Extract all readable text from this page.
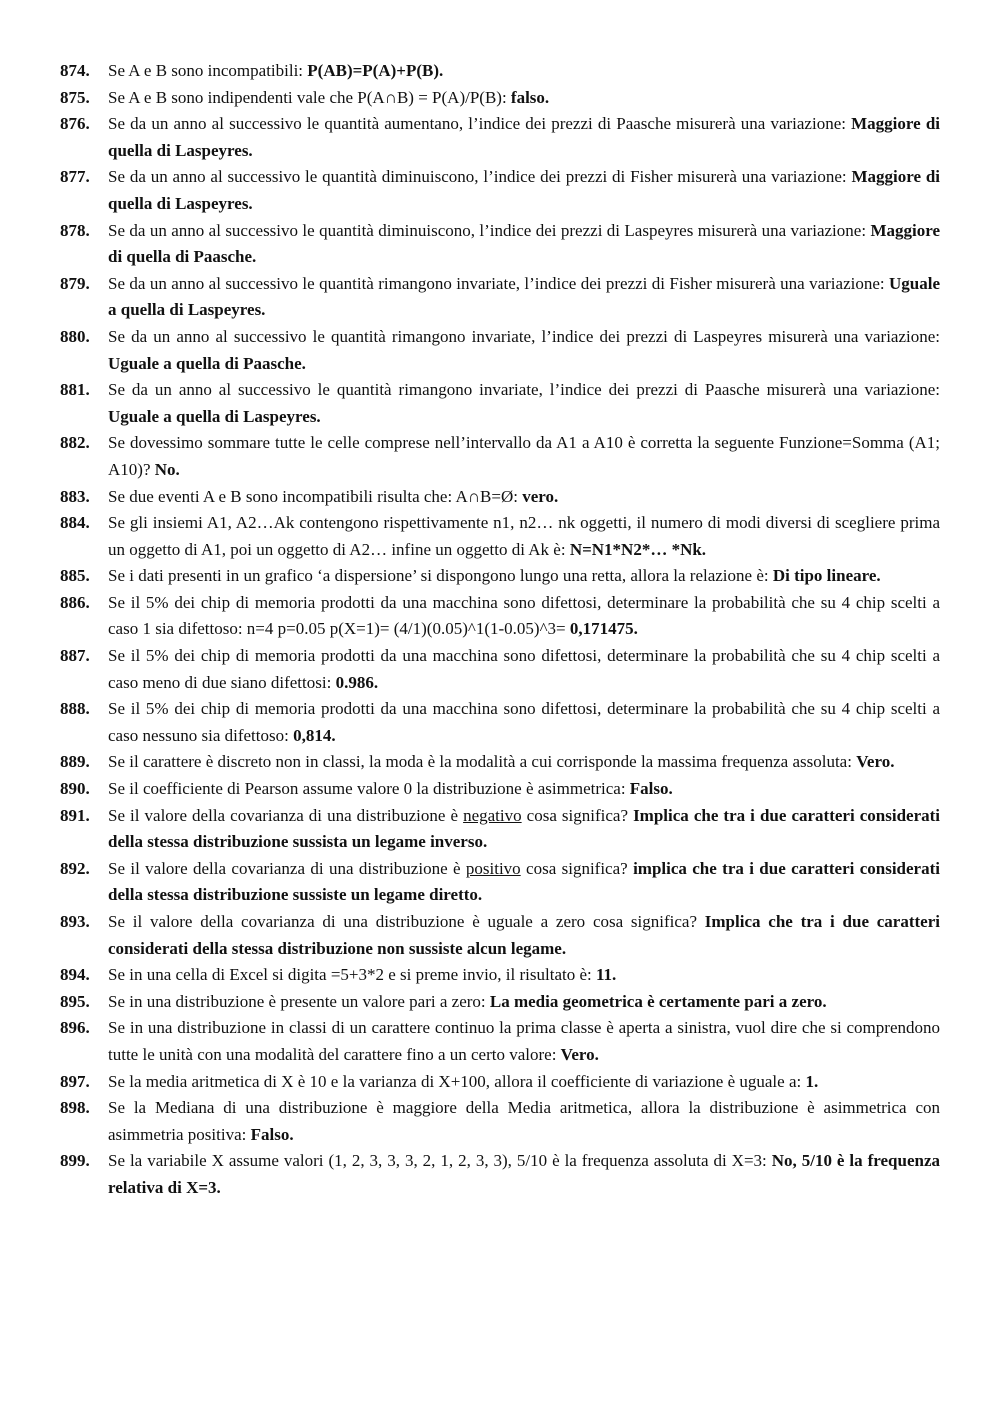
874.	Se A e B sono incompatibili: P(AB)=P(A)+P(B).
875.	Se A e B sono indipendenti vale che P(A∩B) = P(A)/P(B): falso.
876.	Se da un anno al successivo le quantità aumentano, l’indice dei prezzi di Paasche misurerà una variazione: Maggiore di quella di Laspeyres.
877.	Se da un anno al successivo le quantità diminuiscono, l’indice dei prezzi di Fisher misurerà una variazione: Maggiore di quella di Laspeyres.
878.	Se da un anno al successivo le quantità diminuiscono, l’indice dei prezzi di Laspeyres misurerà una variazione: Maggiore di quella di Paasche.
879.	Se da un anno al successivo le quantità rimangono invariate, l’indice dei prezzi di Fisher misurerà una variazione: Uguale a quella di Laspeyres.
880.	Se da un anno al successivo le quantità rimangono invariate, l’indice dei prezzi di Laspeyres misurerà una variazione: Uguale a quella di Paasche.
881.	Se da un anno al successivo le quantità rimangono invariate, l’indice dei prezzi di Paasche misurerà una variazione: Uguale a quella di Laspeyres.
882.	Se dovessimo sommare tutte le celle comprese nell’intervallo da A1 a A10 è corretta la seguente Funzione=Somma (A1; A10)? No.
883.	Se due eventi A e B sono incompatibili risulta che: A∩B=Ø: vero.
884.	Se gli insiemi A1, A2…Ak contengono rispettivamente n1, n2… nk oggetti, il numero di modi diversi di scegliere prima un oggetto di A1, poi un oggetto di A2… infine un oggetto di Ak è: N=N1*N2*… *Nk.
885.	Se i dati presenti in un grafico ‘a dispersione’ si dispongono lungo una retta, allora la relazione è: Di tipo lineare.
886.	Se il 5% dei chip di memoria prodotti da una macchina sono difettosi, determinare la probabilità che su 4 chip scelti a caso 1 sia difettoso: n=4 p=0.05 p(X=1)= (4/1)(0.05)^1(1-0.05)^3= 0,171475.
887.	Se il 5% dei chip di memoria prodotti da una macchina sono difettosi, determinare la probabilità che su 4 chip scelti a caso meno di due siano difettosi: 0.986.
888.	Se il 5% dei chip di memoria prodotti da una macchina sono difettosi, determinare la probabilità che su 4 chip scelti a caso nessuno sia difettoso: 0,814.
889.	Se il carattere è discreto non in classi, la moda è la modalità a cui corrisponde la massima frequenza assoluta: Vero.
890.	Se il coefficiente di Pearson assume valore 0 la distribuzione è asimmetrica: Falso.
891.	Se il valore della covarianza di una distribuzione è negativo cosa significa? Implica che tra i due caratteri considerati della stessa distribuzione sussista un legame inverso.
892.	Se il valore della covarianza di una distribuzione è positivo cosa significa? implica che tra i due caratteri considerati della stessa distribuzione sussiste un legame diretto.
893.	Se il valore della covarianza di una distribuzione è uguale a zero cosa significa? Implica che tra i due caratteri considerati della stessa distribuzione non sussiste alcun legame.
894.	Se in una cella di Excel si digita =5+3*2 e si preme invio, il risultato è: 11.
895.	Se in una distribuzione è presente un valore pari a zero: La media geometrica è certamente pari a zero.
896.	Se in una distribuzione in classi di un carattere continuo la prima classe è aperta a sinistra, vuol dire che si comprendono tutte le unità con una modalità del carattere fino a un certo valore: Vero.
897.	Se la media aritmetica di X è 10 e la varianza di X+100, allora il coefficiente di variazione è uguale a: 1.
898.	Se la Mediana di una distribuzione è maggiore della Media aritmetica, allora la distribuzione è asimmetrica con asimmetria positiva: Falso.
899.	Se la variabile X assume valori (1, 2, 3, 3, 3, 2, 1, 2, 3, 3), 5/10 è la frequenza assoluta di X=3: No, 5/10 è la frequenza relativa di X=3.
